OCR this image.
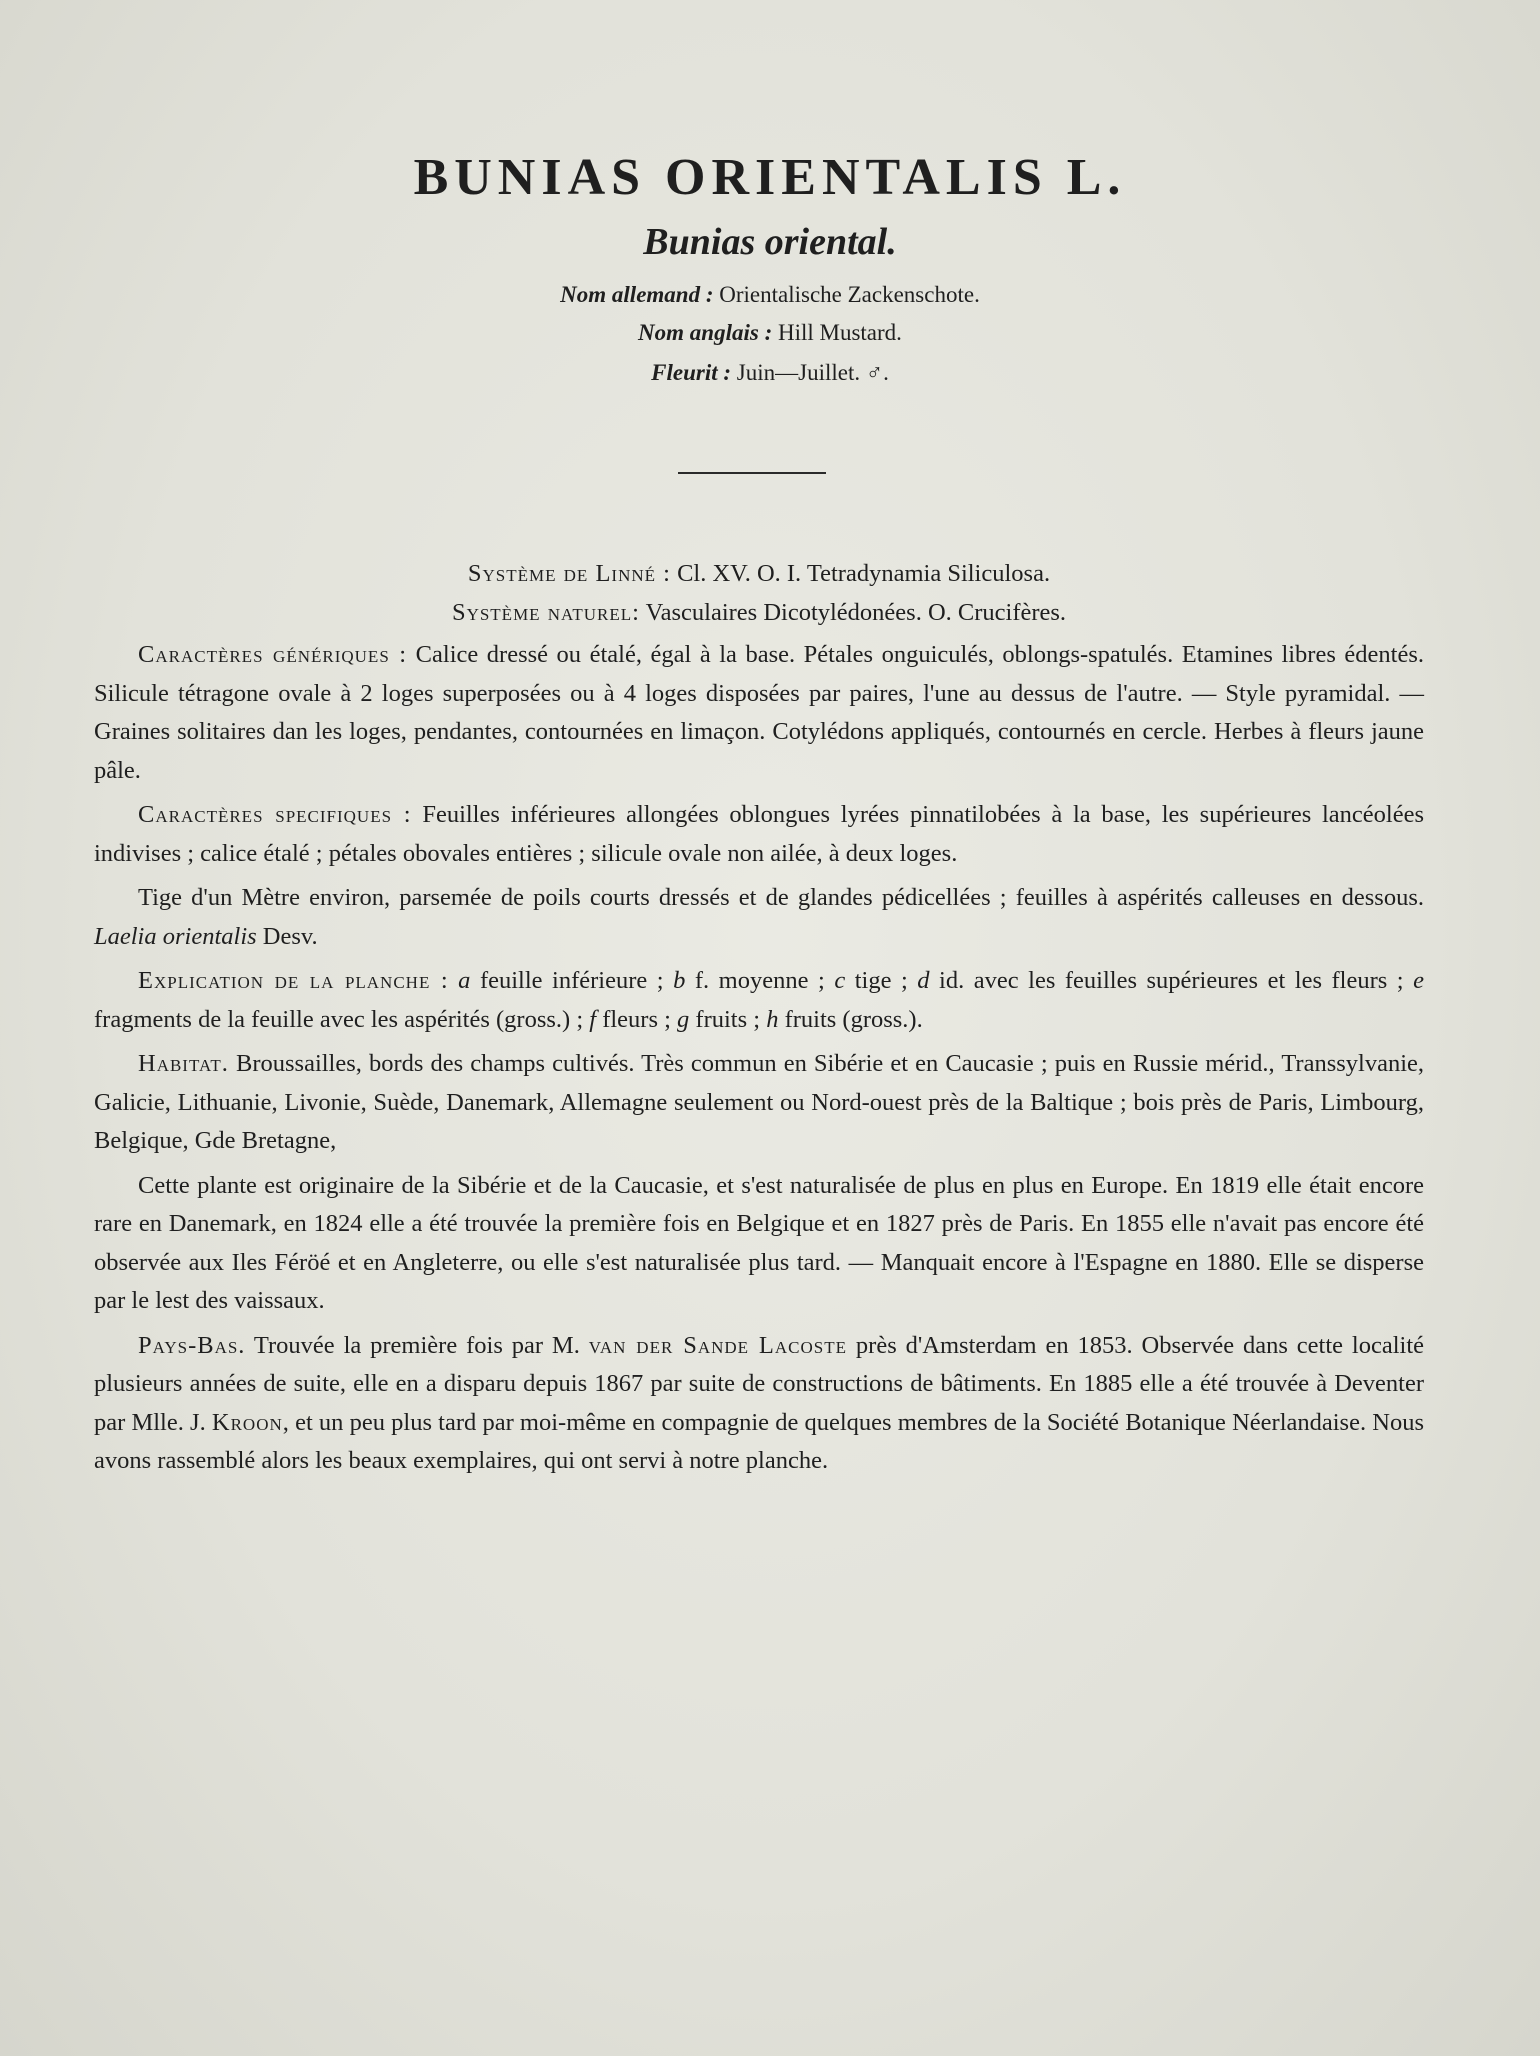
BUNIAS ORIENTALIS L.
Bunias oriental.
Nom allemand : Orientalische Zackenschote.
Nom anglais : Hill Mustard.
Fleurit : Juin—Juillet. ♂.

Système de Linné : Cl. XV. O. I. Tetradynamia Siliculosa.

Système naturel: Vasculaires Dicotylédonées. O. Crucifères.

Caractères génériques : Calice dressé ou étalé, égal à la base. Pétales onguiculés, oblongs-spatulés. Etamines libres édentés. Silicule tétragone ovale à 2 loges superposées ou à 4 loges disposées par paires, l'une au dessus de l'autre. — Style pyramidal. — Graines solitaires dan les loges, pendantes, contournées en limaçon. Cotylédons appliqués, contournés en cercle. Herbes à fleurs jaune pâle.

Caractères specifiques : Feuilles inférieures allongées oblongues lyrées pinnatilobées à la base, les supérieures lancéolées indivises ; calice étalé ; pétales obovales entières ; silicule ovale non ailée, à deux loges.

Tige d'un Mètre environ, parsemée de poils courts dressés et de glandes pédicellées ; feuilles à aspérités calleuses en dessous. Laelia orientalis Desv.

Explication de la planche : a feuille inférieure ; b f. moyenne ; c tige ; d id. avec les feuilles supérieures et les fleurs ; e fragments de la feuille avec les aspérités (gross.) ; f fleurs ; g fruits ; h fruits (gross.).

Habitat. Broussailles, bords des champs cultivés. Très commun en Sibérie et en Caucasie ; puis en Russie mérid., Transsylvanie, Galicie, Lithuanie, Livonie, Suède, Danemark, Allemagne seulement ou Nord-ouest près de la Baltique ; bois près de Paris, Limbourg, Belgique, Gde Bretagne,

Cette plante est originaire de la Sibérie et de la Caucasie, et s'est naturalisée de plus en plus en Europe. En 1819 elle était encore rare en Danemark, en 1824 elle a été trouvée la première fois en Belgique et en 1827 près de Paris. En 1855 elle n'avait pas encore été observée aux Iles Féröé et en Angleterre, ou elle s'est naturalisée plus tard. — Manquait encore à l'Espagne en 1880. Elle se disperse par le lest des vaissaux.

Pays-Bas. Trouvée la première fois par M. van der Sande Lacoste près d'Amsterdam en 1853. Observée dans cette localité plusieurs années de suite, elle en a disparu depuis 1867 par suite de constructions de bâtiments. En 1885 elle a été trouvée à Deventer par Mlle. J. Kroon, et un peu plus tard par moi-même en compagnie de quelques membres de la Société Botanique Néerlandaise. Nous avons rassemblé alors les beaux exemplaires, qui ont servi à notre planche.
